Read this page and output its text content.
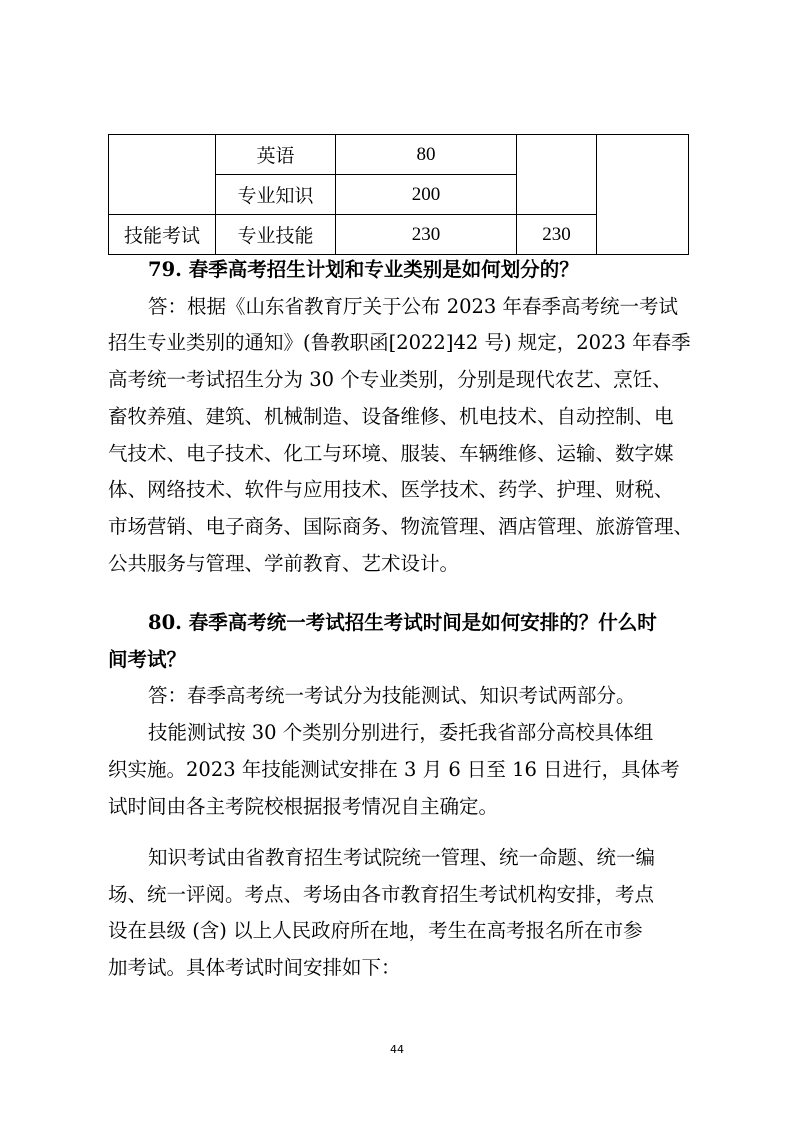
	英语	80		
	专业知识	200		
技能考试	专业技能	230	230	
79. 春季高考招生计划和专业类别是如何划分的？
答：根据《山东省教育厅关于公布 2023 年春季高考统一考试
招生专业类别的通知》(鲁教职函[2022]42 号) 规定，2023 年春季
高考统一考试招生分为 30 个专业类别，分别是现代农艺、烹饪、
畜牧养殖、建筑、机械制造、设备维修、机电技术、自动控制、电
气技术、电子技术、化工与环境、服装、车辆维修、运输、数字媒
体、网络技术、软件与应用技术、医学技术、药学、护理、财税、
市场营销、电子商务、国际商务、物流管理、酒店管理、旅游管理、
公共服务与管理、学前教育、艺术设计。
80. 春季高考统一考试招生考试时间是如何安排的？什么时
间考试？
答：春季高考统一考试分为技能测试、知识考试两部分。
技能测试按 30 个类别分别进行，委托我省部分高校具体组
织实施。2023 年技能测试安排在 3 月 6 日至 16 日进行，具体考
试时间由各主考院校根据报考情况自主确定。
知识考试由省教育招生考试院统一管理、统一命题、统一编
场、统一评阅。考点、考场由各市教育招生考试机构安排，考点
设在县级 (含) 以上人民政府所在地，考生在高考报名所在市参
加考试。具体考试时间安排如下：
44
